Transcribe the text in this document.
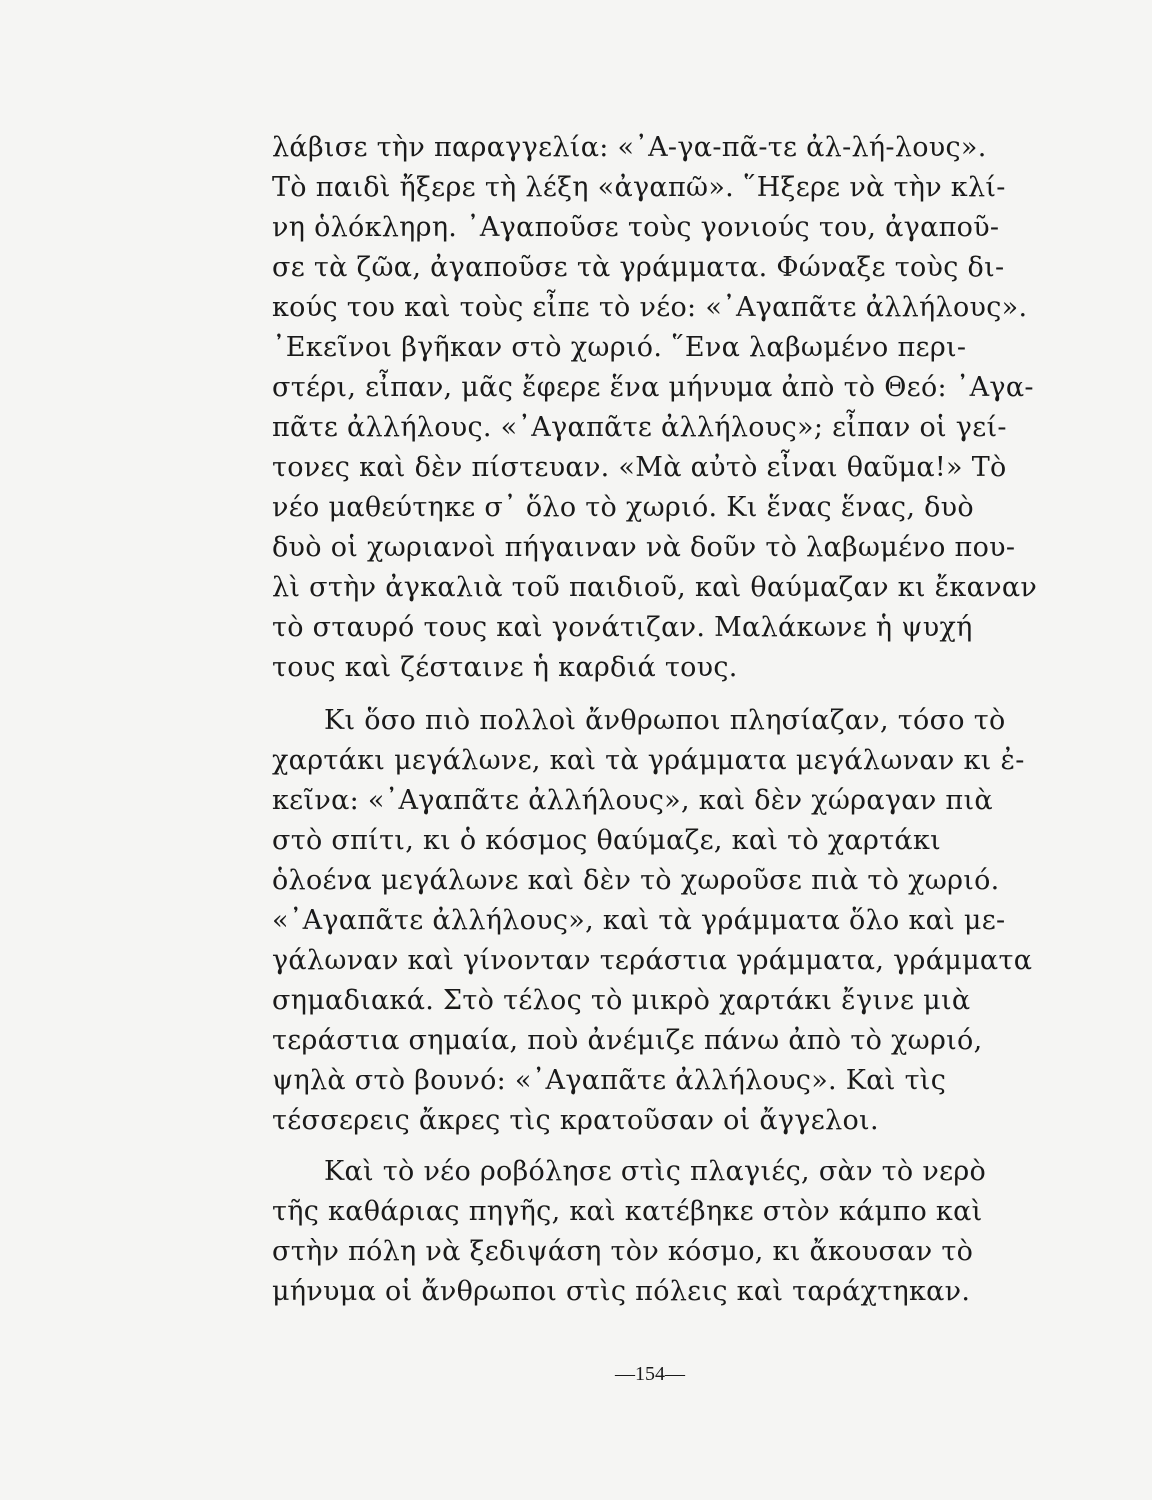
λάβισε τὴν παραγγελία: «᾽Α-γα-πᾶ-τε ἀλ-λή-λους».
Τὸ παιδὶ ἤξερε τὴ λέξη «ἀγαπῶ». ῞Ηξερε νὰ τὴν κλί-
νη ὁλόκληρη. ᾽Αγαποῦσε τοὺς γονιούς του, ἀγαποῦ-
σε τὰ ζῶα, ἀγαποῦσε τὰ γράμματα. Φώναξε τοὺς δι-
κούς του καὶ τοὺς εἶπε τὸ νέο: «᾽Αγαπᾶτε ἀλλήλους».
᾽Εκεῖνοι βγῆκαν στὸ χωριό. ῞Ενα λαβωμένο περι-
στέρι, εἶπαν, μᾶς ἔφερε ἕνα μήνυμα ἀπὸ τὸ Θεό: ᾽Αγα-
πᾶτε ἀλλήλους. «᾽Αγαπᾶτε ἀλλήλους»; εἶπαν οἱ γεί-
τονες καὶ δὲν πίστευαν. «Μὰ αὐτὸ εἶναι θαῦμα!» Τὸ
νέο μαθεύτηκε σ᾽ ὅλο τὸ χωριό. Κι ἕνας ἕνας, δυὸ
δυὸ οἱ χωριανοὶ πήγαιναν νὰ δοῦν τὸ λαβωμένο που-
λὶ στὴν ἀγκαλιὰ τοῦ παιδιοῦ, καὶ θαύμαζαν κι ἔκαναν
τὸ σταυρό τους καὶ γονάτιζαν. Μαλάκωνε ἡ ψυχή
τους καὶ ζέσταινε ἡ καρδιά τους.
Κι ὅσο πιὸ πολλοὶ ἄνθρωποι πλησίαζαν, τόσο τὸ
χαρτάκι μεγάλωνε, καὶ τὰ γράμματα μεγάλωναν κι ἐ-
κεῖνα: «᾽Αγαπᾶτε ἀλλήλους», καὶ δὲν χώραγαν πιὰ
στὸ σπίτι, κι ὁ κόσμος θαύμαζε, καὶ τὸ χαρτάκι
ὁλοένα μεγάλωνε καὶ δὲν τὸ χωροῦσε πιὰ τὸ χωριό.
«᾽Αγαπᾶτε ἀλλήλους», καὶ τὰ γράμματα ὅλο καὶ με-
γάλωναν καὶ γίνονταν τεράστια γράμματα, γράμματα
σημαδιακά. Στὸ τέλος τὸ μικρὸ χαρτάκι ἔγινε μιὰ
τεράστια σημαία, ποὺ ἀνέμιζε πάνω ἀπὸ τὸ χωριό,
ψηλὰ στὸ βουνό: «᾽Αγαπᾶτε ἀλλήλους». Καὶ τὶς
τέσσερεις ἄκρες τὶς κρατοῦσαν οἱ ἄγγελοι.
Καὶ τὸ νέο ροβόλησε στὶς πλαγιές, σὰν τὸ νερὸ
τῆς καθάριας πηγῆς, καὶ κατέβηκε στὸν κάμπο καὶ
στὴν πόλη νὰ ξεδιψάση τὸν κόσμο, κι ἄκουσαν τὸ
μήνυμα οἱ ἄνθρωποι στὶς πόλεις καὶ ταράχτηκαν.
—154—
